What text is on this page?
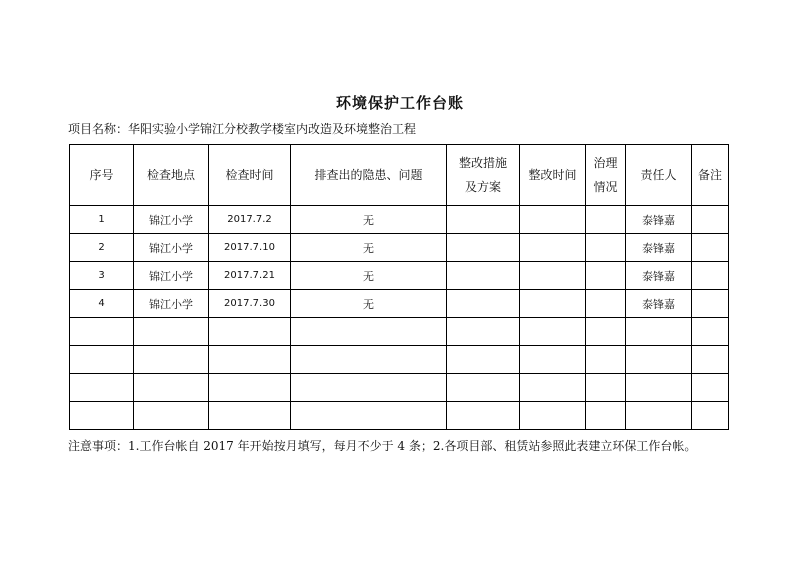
环境保护工作台账
项目名称：华阳实验小学锦江分校教学楼室内改造及环境整治工程
序号	检查地点	检查时间	排查出的隐患、问题	整改措施
及方案	整改时间	治理
情况	责任人	备注
1	锦江小学	2017.7.2	无				泰锋嘉	
2	锦江小学	2017.7.10	无				泰锋嘉	
3	锦江小学	2017.7.21	无				泰锋嘉	
4	锦江小学	2017.7.30	无				泰锋嘉	

注意事项：1.工作台帐自 2017 年开始按月填写，每月不少于 4 条；2.各项目部、租赁站参照此表建立环保工作台帐。
